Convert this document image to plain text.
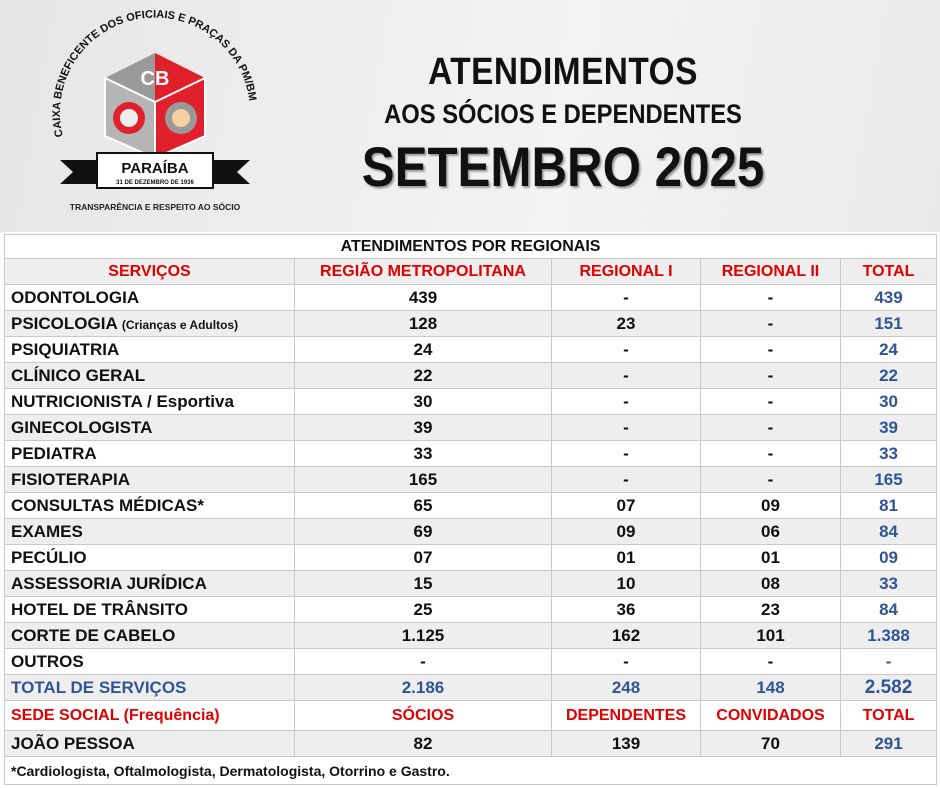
CB
PARAÍBA
31 DE DEZEMBRO DE 1936
CAIXA BENEFICENTE DOS OFICIAIS E PRAÇAS DA PM/BM
TRANSPARÊNCIA E RESPEITO AO SÓCIO
ATENDIMENTOS
AOS SÓCIOS E DEPENDENTES
SETEMBRO 2025
ATENDIMENTOS POR REGIONAIS				
SERVIÇOS	REGIÃO METROPOLITANA	REGIONAL I	REGIONAL II	TOTAL
ODONTOLOGIA	439	-	-	439
PSICOLOGIA (Crianças e Adultos)	128	23	-	151
PSIQUIATRIA	24	-	-	24
CLÍNICO GERAL	22	-	-	22
NUTRICIONISTA / Esportiva	30	-	-	30
GINECOLOGISTA	39	-	-	39
PEDIATRA	33	-	-	33
FISIOTERAPIA	165	-	-	165
CONSULTAS MÉDICAS*	65	07	09	81
EXAMES	69	09	06	84
PECÚLIO	07	01	01	09
ASSESSORIA JURÍDICA	15	10	08	33
HOTEL DE TRÂNSITO	25	36	23	84
CORTE DE CABELO	1.125	162	101	1.388
OUTROS	-	-	-	-
TOTAL DE SERVIÇOS	2.186	248	148	2.582
SEDE SOCIAL (Frequência)	SÓCIOS	DEPENDENTES	CONVIDADOS	TOTAL
JOÃO PESSOA	82	139	70	291
*Cardiologista, Oftalmologista, Dermatologista, Otorrino e Gastro.				
